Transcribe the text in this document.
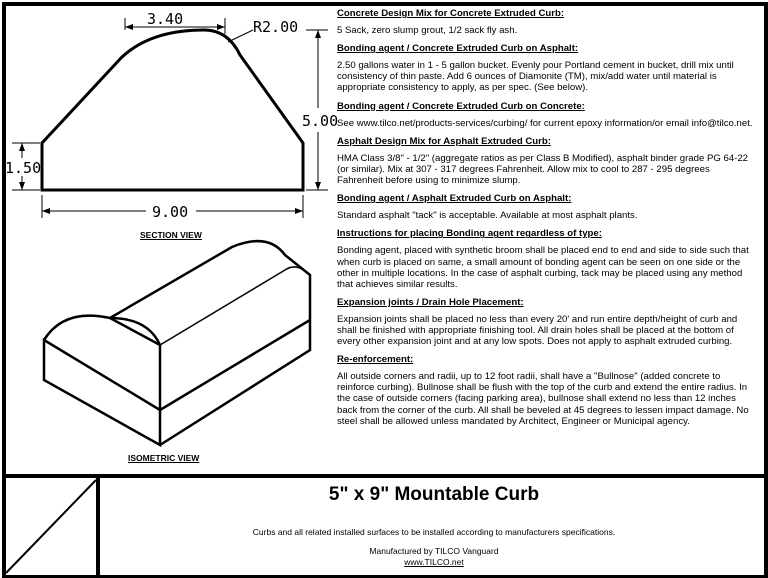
3.40	R2.00
5.00
1.50
9.00
SECTION VIEW
ISOMETRIC VIEW
Concrete Design Mix for Concrete Extruded Curb:
5 Sack, zero slump grout, 1/2 sack fly ash.
Bonding agent / Concrete Extruded Curb on Asphalt:
2.50 gallons water in 1 - 5 gallon bucket. Evenly pour Portland cement in bucket, drill mix until consistency of thin paste. Add 6 ounces of Diamonite (TM), mix/add water until material is appropriate consistency to apply, as per spec. (See below).
Bonding agent / Concrete Extruded Curb on Concrete:
See www.tilco.net/products-services/curbing/ for current epoxy information/or email info@tilco.net.
Asphalt Design Mix for Asphalt Extruded Curb:
HMA Class 3/8" - 1/2" (aggregate ratios as per Class B Modified), asphalt binder grade PG 64-22 (or similar). Mix at 307 - 317 degrees Fahrenheit. Allow mix to cool to 287 - 295 degrees Fahrenheit before using to minimize slump.
Bonding agent / Asphalt Extruded Curb on Asphalt:
Standard asphalt "tack" is acceptable. Available at most asphalt plants.
Instructions for placing Bonding agent regardless of type:
Bonding agent, placed with synthetic broom shall be placed end to end and side to side such that when curb is placed on same, a small amount of bonding agent can be seen on one side or the other in multiple locations. In the case of asphalt curbing, tack may be placed using any method that achieves similar results.
Expansion joints / Drain Hole Placement:
Expansion joints shall be placed no less than every 20' and run entire depth/height of curb and shall be finished with appropriate finishing tool. All drain holes shall be placed at the bottom of every other expansion joint and at any low spots. Does not apply to asphalt extruded curbing.
Re-enforcement:
All outside corners and radii, up to 12 foot radii, shall have a "Bullnose" (added concrete to reinforce curbing). Bullnose shall be flush with the top of the curb and extend the entire radius. In the case of outside corners (facing parking area), bullnose shall extend no less than 12 inches back from the corner of the curb. All shall be beveled at 45 degrees to lessen impact damage. No steel shall be allowed unless mandated by Architect, Engineer or Municipal agency.
5" x 9" Mountable Curb
Curbs and all related installed surfaces to be installed according to manufacturers specifications.
Manufactured by TILCO Vanguard
www.TILCO.net
